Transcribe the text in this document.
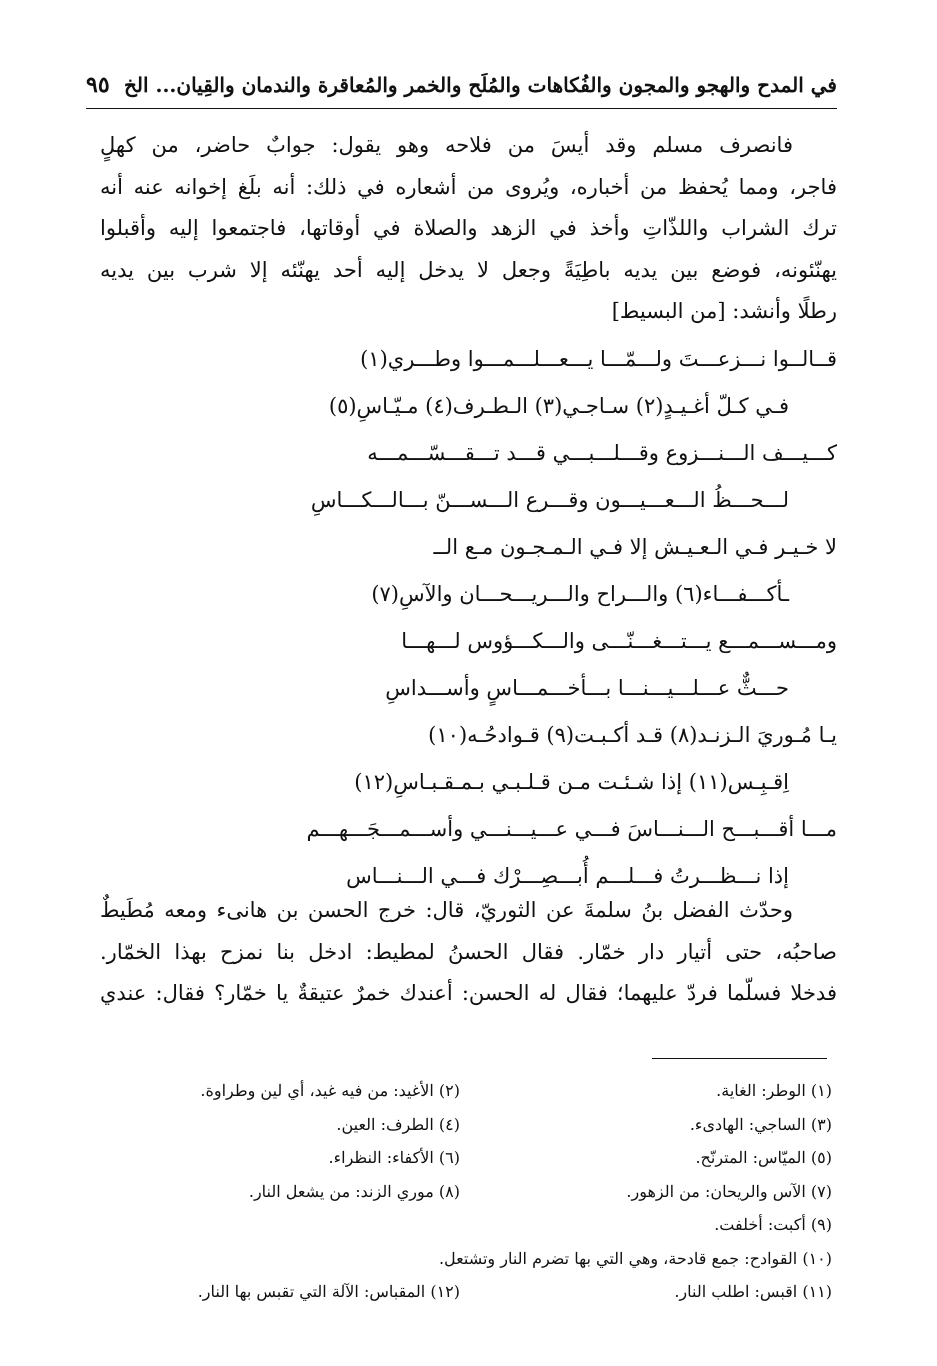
في المدح والهجو والمجون والفُكاهات والمُلَح والخمر والمُعاقرة والندمان والقِيان... الخ
٩٥
فانصرف مسلم وقد أيسَ من فلاحه وهو يقول: جوابٌ حاضر، من كهلٍ
فاجر، ومما يُحفظ من أخباره، ويُروى من أشعاره في ذلك: أنه بلَغ إخوانه عنه أنه
ترك الشراب واللذّاتِ وأخذ في الزهد والصلاة في أوقاتها، فاجتمعوا إليه وأقبلوا
يهنّئونه، فوضع بين يديه باطِيَةً وجعل لا يدخل إليه أحد يهنّئه إلا شرب بين يديه
رطلًا وأنشد: [من البسيط]
قــالــوا نـــزعـــتَ ولـــمّـــا يـــعـــلـــمـــوا وطـــري(١)
فـي كـلّ أغـيـدٍ(٢) سـاجـي(٣) الـطـرف(٤) مـيّـاسِ(٥)
كـــيـــف الـــنـــزوع وقـــلـــبـــي قـــد تـــقـــسّـــمـــه
لـــحـــظُ الـــعـــيـــون وقـــرع الـــســـنّ بـــالـــكـــاسِ
لا خـيـر فـي الـعـيـش إلا فـي الـمـجـون مـع الــ
ـأكـــفـــاء(٦) والـــراح والـــريـــحـــان والآسِ(٧)
ومـــســـمـــع يـــتـــغـــنّـــى والـــكـــؤوس لـــهـــا
حـــثٌّ عـــلـــيـــنـــا بـــأخـــمـــاسٍ وأســـداسِ
يـا مُـوريَ الـزنـد(٨) قـد أكـبـت(٩) قـوادحُـه(١٠)
اِقـبِـس(١١) إذا شـئـت مـن قـلـبـي بـمـقـبـاسِ(١٢)
مـــا أقـــبـــح الـــنـــاسَ فـــي عـــيـــنـــي وأســـمـــجَـــهـــم
إذا نـــظـــرتُ فـــلـــم أُبـــصِـــرْك فـــي الـــنـــاس
وحدّث الفضل بنُ سلمةَ عن الثوريّ، قال: خرج الحسن بن هانىء ومعه مُطَيطٌ
صاحبُه، حتى أتيار دار خمّار. فقال الحسنُ لمطيط: ادخل بنا نمزح بهذا الخمّار.
فدخلا فسلّما فردّ عليهما؛ فقال له الحسن: أعندك خمرٌ عتيقةٌ يا خمّار؟ فقال: عندي
(١) الوطر: الغاية.
(٢) الأغيد: من فيه غيد، أي لين وطراوة.
(٣) الساجي: الهادىء.
(٤) الطرف: العين.
(٥) الميّاس: المترنّح.
(٦) الأكفاء: النظراء.
(٧) الآس والريحان: من الزهور.
(٨) موري الزند: من يشعل النار.
(٩) أكبت: أخلفت.
(١٠) القوادح: جمع قادحة، وهي التي بها تضرم النار وتشتعل.
(١١) اقبس: اطلب النار.
(١٢) المقباس: الآلة التي تقبس بها النار.
